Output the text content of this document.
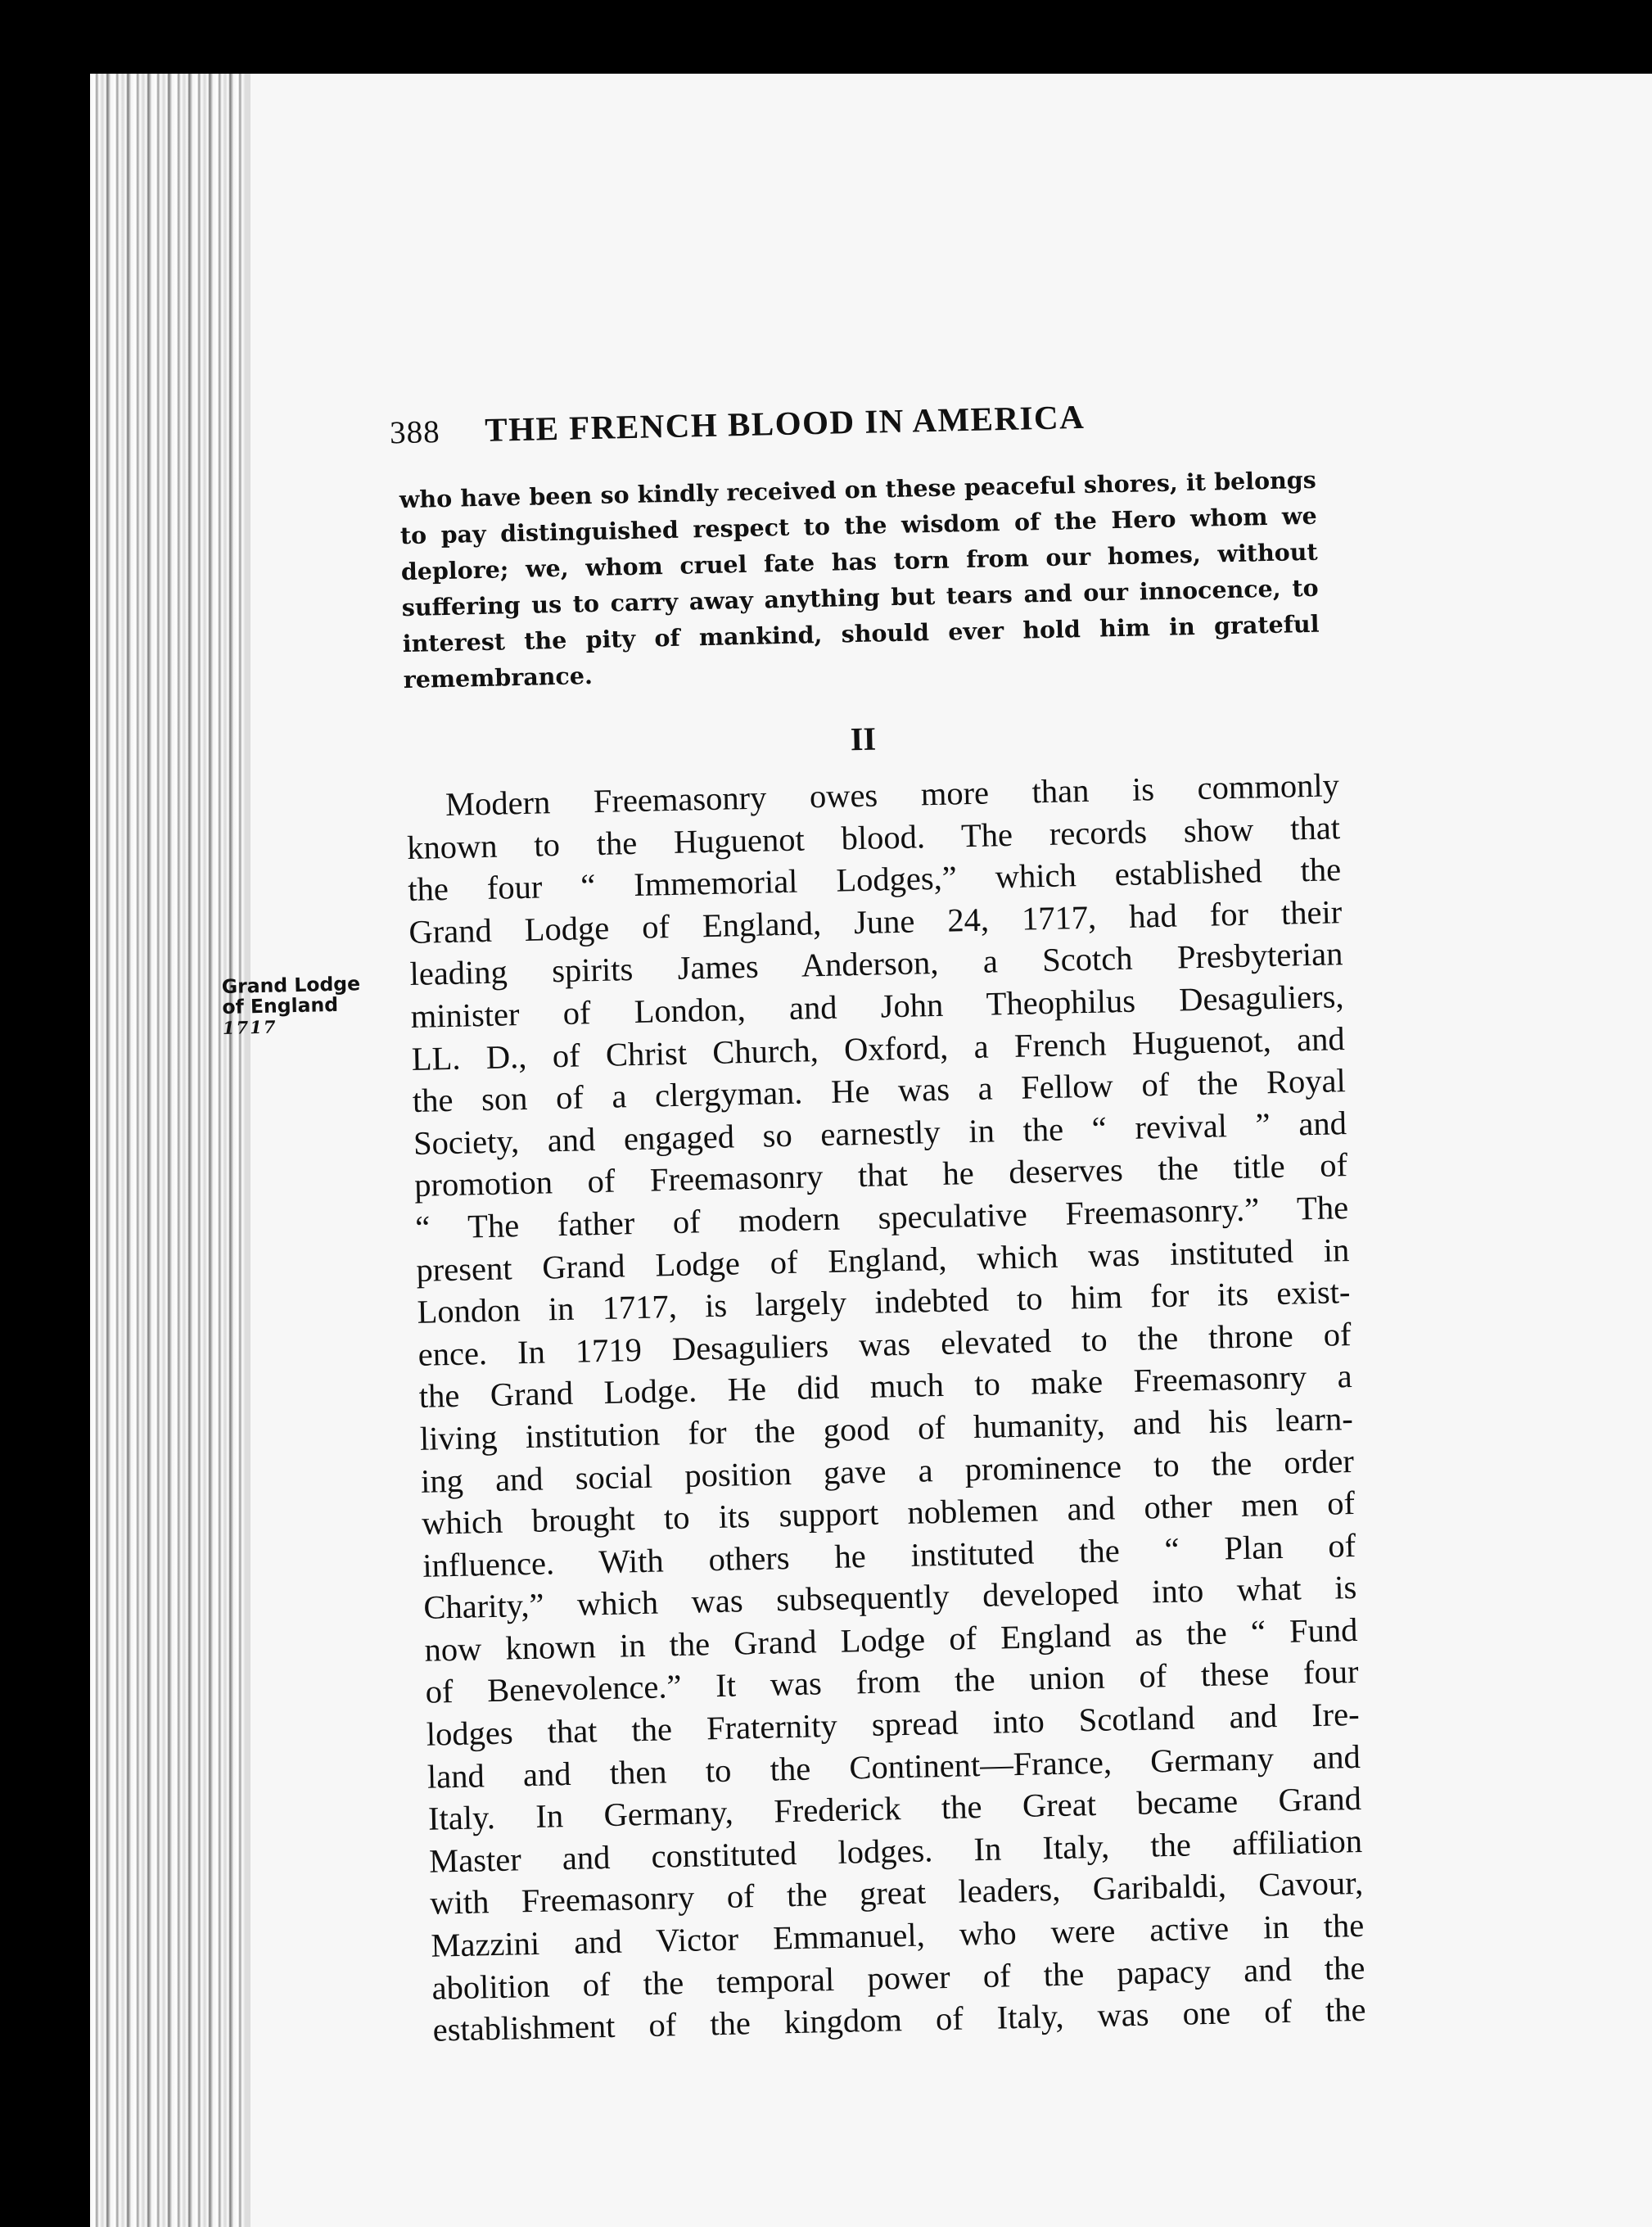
388 THE FRENCH BLOOD IN AMERICA
who have been so kindly received on these peaceful shores, it belongs to pay distinguished respect to the wisdom of the Hero whom we deplore; we, whom cruel fate has torn from our homes, without suffering us to carry away anything but tears and our innocence, to interest the pity of mankind, should ever hold him in grateful remembrance.
II
Grand Lodge
of England
1717
Modern Freemasonry owes more than is commonly
known to the Huguenot blood. The records show that
the four “ Immemorial Lodges,” which established the
Grand Lodge of England, June 24, 1717, had for their
leading spirits James Anderson, a Scotch Presbyterian
minister of London, and John Theophilus Desaguliers,
LL. D., of Christ Church, Oxford, a French Huguenot, and
the son of a clergyman. He was a Fellow of the Royal
Society, and engaged so earnestly in the “ revival ” and
promotion of Freemasonry that he deserves the title of
“ The father of modern speculative Freemasonry.” The
present Grand Lodge of England, which was instituted in
London in 1717, is largely indebted to him for its exist-
ence. In 1719 Desaguliers was elevated to the throne of
the Grand Lodge. He did much to make Freemasonry a
living institution for the good of humanity, and his learn-
ing and social position gave a prominence to the order
which brought to its support noblemen and other men of
influence. With others he instituted the “ Plan of
Charity,” which was subsequently developed into what is
now known in the Grand Lodge of England as the “ Fund
of Benevolence.” It was from the union of these four
lodges that the Fraternity spread into Scotland and Ire-
land and then to the Continent—France, Germany and
Italy. In Germany, Frederick the Great became Grand
Master and constituted lodges. In Italy, the affiliation
with Freemasonry of the great leaders, Garibaldi, Cavour,
Mazzini and Victor Emmanuel, who were active in the
abolition of the temporal power of the papacy and the
establishment of the kingdom of Italy, was one of the
